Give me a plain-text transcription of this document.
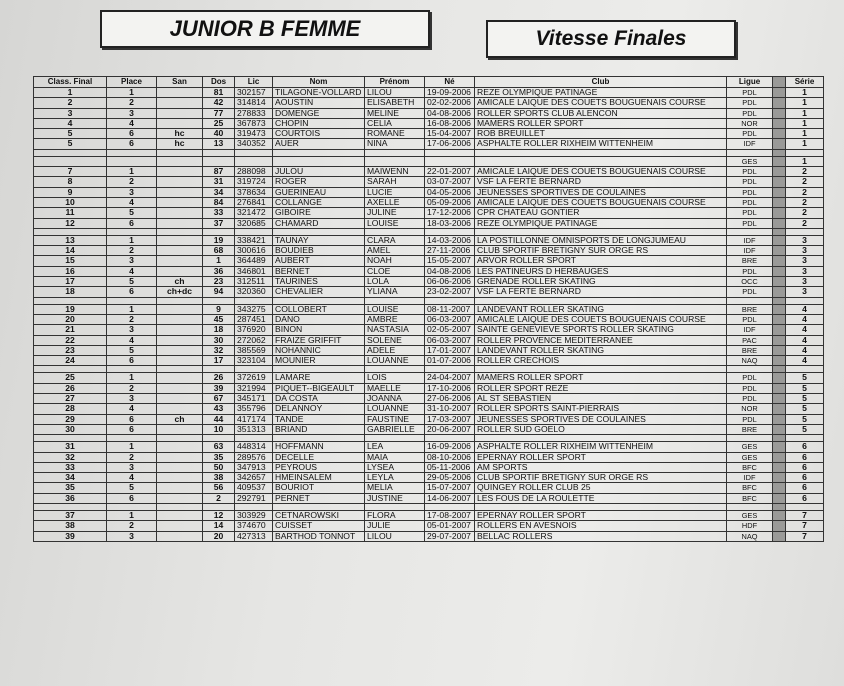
JUNIOR B FEMME	Vitesse Finales
Class. Final	Place	San	Dos	Lic	Nom	Prénom	Né	Club	Ligue		Série
1	1		81	302157	TILAGONE-VOLLARD	LILOU	19-09-2006	REZE OLYMPIQUE PATINAGE	PDL		1
2	2		42	314814	AOUSTIN	ELISABETH	02-02-2006	AMICALE LAIQUE DES COUETS BOUGUENAIS COURSE	PDL		1
3	3		77	278833	DOMENGE	MELINE	04-08-2006	ROLLER SPORTS CLUB ALENCON	PDL		1
4	4		25	367873	CHOPIN	CELIA	16-08-2006	MAMERS ROLLER SPORT	NOR		1
5	6	hc	40	319473	COURTOIS	ROMANE	15-04-2007	ROB BREUILLET	PDL		1
5	6	hc	13	340352	AUER	NINA	17-06-2006	ASPHALTE ROLLER RIXHEIM WITTENHEIM	IDF		1

									GES		1
7	1		87	288098	JULOU	MAIWENN	22-01-2007	AMICALE LAIQUE DES COUETS BOUGUENAIS COURSE	PDL		2
8	2		31	319724	ROGER	SARAH	03-07-2007	VSF LA FERTE BERNARD	PDL		2
9	3		34	378634	GUERINEAU	LUCIE	04-05-2006	JEUNESSES SPORTIVES DE COULAINES	PDL		2
10	4		84	276841	COLLANGE	AXELLE	05-09-2006	AMICALE LAIQUE DES COUETS BOUGUENAIS COURSE	PDL		2
11	5		33	321472	GIBOIRE	JULINE	17-12-2006	CPR CHATEAU GONTIER	PDL		2
12	6		37	320685	CHAMARD	LOUISE	18-03-2006	REZE OLYMPIQUE PATINAGE	PDL		2

13	1		19	338421	TAUNAY	CLARA	14-03-2006	LA POSTILLONNE OMNISPORTS DE LONGJUMEAU	IDF		3
14	2		68	300616	BOUDIEB	AMEL	27-11-2006	CLUB SPORTIF BRETIGNY SUR ORGE RS	IDF		3
15	3		1	364489	AUBERT	NOAH	15-05-2007	ARVOR ROLLER SPORT	BRE		3
16	4		36	346801	BERNET	CLOE	04-08-2006	LES PATINEURS D HERBAUGES	PDL		3
17	5	ch	23	312511	TAURINES	LOLA	06-06-2006	GRENADE ROLLER SKATING	OCC		3
18	6	ch+dc	94	320360	CHEVALIER	YLIANA	23-02-2007	VSF LA FERTE BERNARD	PDL		3

19	1		9	343275	COLLOBERT	LOUISE	08-11-2007	LANDEVANT ROLLER SKATING	BRE		4
20	2		45	287451	DANO	AMBRE	06-03-2007	AMICALE LAIQUE DES COUETS BOUGUENAIS COURSE	PDL		4
21	3		18	376920	BINON	NASTASIA	02-05-2007	SAINTE GENEVIEVE SPORTS ROLLER SKATING	IDF		4
22	4		30	272062	FRAIZE GRIFFIT	SOLENE	06-03-2007	ROLLER PROVENCE MEDITERRANEE	PAC		4
23	5		32	385569	NOHANNIC	ADELE	17-01-2007	LANDEVANT ROLLER SKATING	BRE		4
24	6		17	323104	MOUNIER	LOUANNE	01-07-2006	ROLLER CRECHOIS	NAQ		4

25	1		26	372619	LAMARE	LOIS	24-04-2007	MAMERS ROLLER SPORT	PDL		5
26	2		39	321994	PIQUET--BIGEAULT	MAELLE	17-10-2006	ROLLER SPORT REZE	PDL		5
27	3		67	345171	DA COSTA	JOANNA	27-06-2006	AL ST SEBASTIEN	PDL		5
28	4		43	355796	DELANNOY	LOUANNE	31-10-2007	ROLLER SPORTS SAINT-PIERRAIS	NOR		5
29	6	ch	44	417174	TANDE	FAUSTINE	17-03-2007	JEUNESSES SPORTIVES DE COULAINES	PDL		5
30	6		10	351313	BRIAND	GABRIELLE	20-06-2007	ROLLER SUD GOELO	BRE		5

31	1		63	448314	HOFFMANN	LEA	16-09-2006	ASPHALTE ROLLER RIXHEIM WITTENHEIM	GES		6
32	2		35	289576	DECELLE	MAIA	08-10-2006	EPERNAY ROLLER SPORT	GES		6
33	3		50	347913	PEYROUS	LYSEA	05-11-2006	AM SPORTS	BFC		6
34	4		38	342657	HMEINSALEM	LEYLA	29-05-2006	CLUB SPORTIF BRETIGNY SUR ORGE RS	IDF		6
35	5		56	409537	BOURIOT	MELIA	15-07-2007	QUINGEY ROLLER CLUB 25	BFC		6
36	6		2	292791	PERNET	JUSTINE	14-06-2007	LES FOUS DE LA ROULETTE	BFC		6

37	1		12	303929	CETNAROWSKI	FLORA	17-08-2007	EPERNAY ROLLER SPORT	GES		7
38	2		14	374670	CUISSET	JULIE	05-01-2007	ROLLERS EN AVESNOIS	HDF		7
39	3		20	427313	BARTHOD TONNOT	LILOU	29-07-2007	BELLAC ROLLERS	NAQ		7
